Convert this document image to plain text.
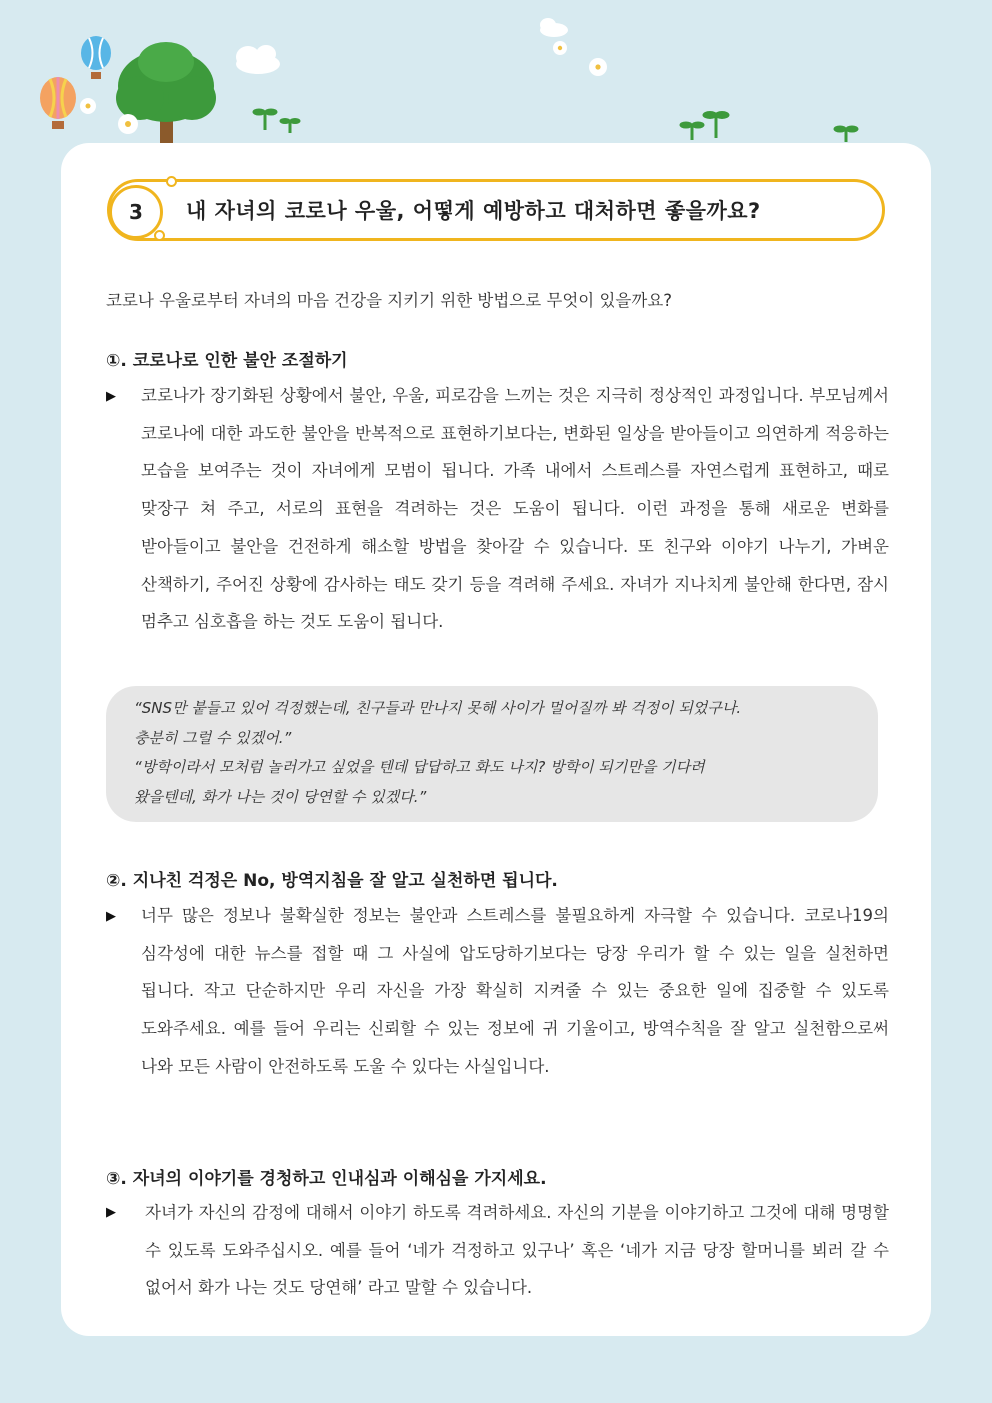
3	내 자녀의 코로나 우울, 어떻게 예방하고 대처하면 좋을까요?
코로나 우울로부터 자녀의 마음 건강을 지키기 위한 방법으로 무엇이 있을까요?
①. 코로나로 인한 불안 조절하기
▶ 코로나가 장기화된 상황에서 불안, 우울, 피로감을 느끼는 것은 지극히 정상적인 과정입니다. 부모님께서 코로나에 대한 과도한 불안을 반복적으로 표현하기보다는, 변화된 일상을 받아들이고 의연하게 적응하는 모습을 보여주는 것이 자녀에게 모범이 됩니다. 가족 내에서 스트레스를 자연스럽게 표현하고, 때로 맞장구 쳐 주고, 서로의 표현을 격려하는 것은 도움이 됩니다. 이런 과정을 통해 새로운 변화를 받아들이고 불안을 건전하게 해소할 방법을 찾아갈 수 있습니다. 또 친구와 이야기 나누기, 가벼운 산책하기, 주어진 상황에 감사하는 태도 갖기 등을 격려해 주세요. 자녀가 지나치게 불안해 한다면, 잠시 멈추고 심호흡을 하는 것도 도움이 됩니다.
“SNS만 붙들고 있어 걱정했는데, 친구들과 만나지 못해 사이가 멀어질까 봐 걱정이 되었구나.
충분히 그럴 수 있겠어.”
“방학이라서 모처럼 놀러가고 싶었을 텐데 답답하고 화도 나지? 방학이 되기만을 기다려
왔을텐데, 화가 나는 것이 당연할 수 있겠다.”
②. 지나친 걱정은 No, 방역지침을 잘 알고 실천하면 됩니다.
▶ 너무 많은 정보나 불확실한 정보는 불안과 스트레스를 불필요하게 자극할 수 있습니다. 코로나19의 심각성에 대한 뉴스를 접할 때 그 사실에 압도당하기보다는 당장 우리가 할 수 있는 일을 실천하면 됩니다. 작고 단순하지만 우리 자신을 가장 확실히 지켜줄 수 있는 중요한 일에 집중할 수 있도록 도와주세요. 예를 들어 우리는 신뢰할 수 있는 정보에 귀 기울이고, 방역수칙을 잘 알고 실천함으로써 나와 모든 사람이 안전하도록 도울 수 있다는 사실입니다.
③. 자녀의 이야기를 경청하고 인내심과 이해심을 가지세요.
▶ 자녀가 자신의 감정에 대해서 이야기 하도록 격려하세요. 자신의 기분을 이야기하고 그것에 대해 명명할 수 있도록 도와주십시오. 예를 들어 ‘네가 걱정하고 있구나’ 혹은 ‘네가 지금 당장 할머니를 뵈러 갈 수 없어서 화가 나는 것도 당연해’ 라고 말할 수 있습니다.
